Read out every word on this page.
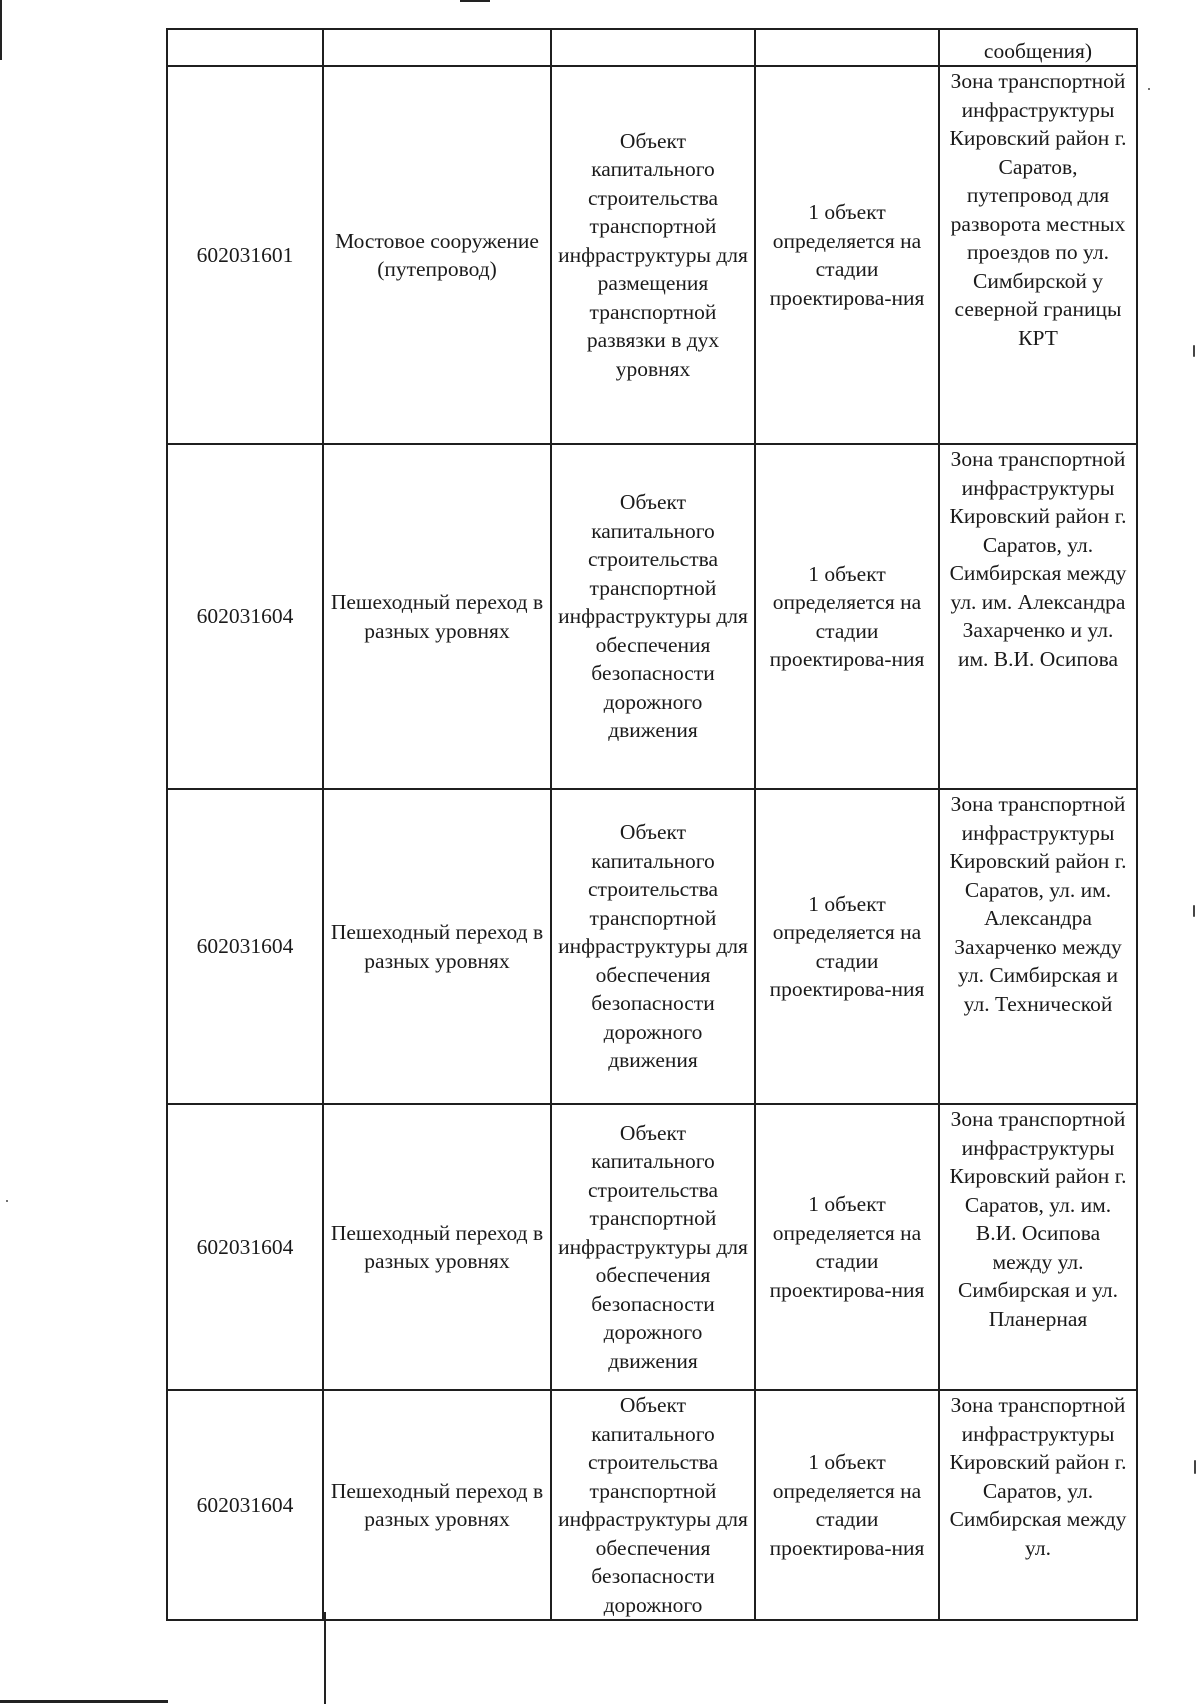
				сообщения)

602031601	Мостовое сооружение (путепровод)	Объект капитального строительства транспортной инфраструктуры для размещения транспортной развязки в дух уровнях	1 объект определяется на стадии проектирова-ния	Зона транспортной инфраструктуры Кировский район г. Саратов, путепровод для разворота местных проездов по ул. Симбирской у северной границы КРТ

602031604	Пешеходный переход в разных уровнях	Объект капитального строительства транспортной инфраструктуры для обеспечения безопасности дорожного движения	1 объект определяется на стадии проектирова-ния	Зона транспортной инфраструктуры Кировский район г. Саратов, ул. Симбирская между ул. им. Александра Захарченко и ул. им. В.И. Осипова

602031604	Пешеходный переход в разных уровнях	Объект капитального строительства транспортной инфраструктуры для обеспечения безопасности дорожного движения	1 объект определяется на стадии проектирова-ния	Зона транспортной инфраструктуры Кировский район г. Саратов, ул. им. Александра Захарченко между ул. Симбирская и ул. Технической

602031604	Пешеходный переход в разных уровнях	Объект капитального строительства транспортной инфраструктуры для обеспечения безопасности дорожного движения	1 объект определяется на стадии проектирова-ния	Зона транспортной инфраструктуры Кировский район г. Саратов, ул. им. В.И. Осипова между ул. Симбирская и ул. Планерная

602031604	Пешеходный переход в разных уровнях	Объект капитального строительства транспортной инфраструктуры для обеспечения безопасности дорожного	1 объект определяется на стадии проектирова-ния	Зона транспортной инфраструктуры Кировский район г. Саратов, ул. Симбирская между ул.
